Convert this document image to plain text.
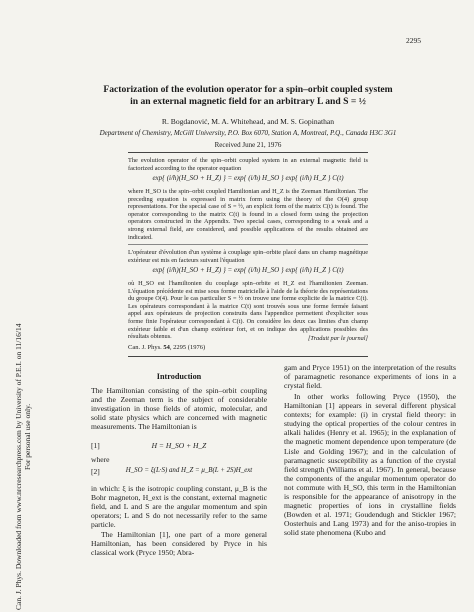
2295
Can. J. Phys. Downloaded from www.nrcresearchpress.com by University of P.E.I. on 11/16/14 For personal use only.
Factorization of the evolution operator for a spin–orbit coupled system
in an external magnetic field for an arbitrary L and S = ½
R. Bogdanović, M. A. Whitehead, and M. S. Gopinathan
Department of Chemistry, McGill University, P.O. Box 6070, Station A, Montreal, P.Q., Canada H3C 3G1
Received June 21, 1976
The evolution operator of the spin–orbit coupled system in an external magnetic field is factorized according to the operator equation
exp{ (i/ħ)(H_SO + H_Z) } = exp{ (i/ħ) H_SO } exp{ (i/ħ) H_Z } C(t)
where H_SO is the spin–orbit coupled Hamiltonian and H_Z is the Zeeman Hamiltonian. The preceding equation is expressed in matrix form using the theory of the O(4) group representations. For the special case of S = ½, an explicit form of the matrix C(t) is found. The operator corresponding to the matrix C(t) is found in a closed form using the projection operators constructed in the Appendix. Two special cases, corresponding to a weak and a strong external field, are considered, and possible applications of the results obtained are indicated.
L'opérateur d'évolution d'un système à couplage spin–orbite placé dans un champ magnétique extérieur est mis en facteurs suivant l'équation
exp{ (i/ħ)(H_SO + H_Z) } = exp{ (i/ħ) H_SO } exp{ (i/ħ) H_Z } C(t)
où H_SO est l'hamiltonien du couplage spin–orbite et H_Z est l'hamiltonien Zeeman. L'équation précédente est mise sous forme matricielle à l'aide de la théorie des représentations du groupe O(4). Pour le cas particulier S = ½ on trouve une forme explicite de la matrice C(t). Les opérateurs correspondant à la matrice C(t) sont trouvés sous une forme fermée faisant appel aux opérateurs de projection construits dans l'appendice permettent d'expliciter sous forme finie l'opérateur correspondant à C(t). On considère les deux cas limites d'un champ extérieur faible et d'un champ extérieur fort, et on indique des applications possibles des résultats obtenus.	[Traduit par le journal]
Can. J. Phys. 54, 2295 (1976)
Introduction
The Hamiltonian consisting of the spin–orbit coupling and the Zeeman term is the subject of considerable investigation in those fields of atomic, molecular, and solid state physics which are concerned with magnetic measurements. The Hamiltonian is
[1]	H = H_SO + H_Z
where
[2]	H_SO = ξ(L·S) and H_Z = μ_B(L + 2S)H_ext
in which: ξ is the isotropic coupling constant, μ_B is the Bohr magneton, H_ext is the constant, external magnetic field, and L and S are the angular momentum and spin operators; L and S do not necessarily refer to the same particle.
The Hamiltonian [1], one part of a more general Hamiltonian, has been considered by Pryce in his classical work (Pryce 1950; Abra-
gam and Pryce 1951) on the interpretation of the results of paramagnetic resonance experiments of ions in a crystal field.
In other works following Pryce (1950), the Hamiltonian [1] appears in several different physical contexts; for example: (i) in crystal field theory: in studying the optical properties of the colour centres in alkali halides (Henry et al. 1965); in the explanation of the magnetic moment dependence upon temperature (de Lisle and Golding 1967); and in the calculation of paramagnetic susceptibility as a function of the crystal field strength (Williams et al. 1967). In general, because the components of the angular momentum operator do not commute with H_SO, this term in the Hamiltonian is responsible for the appearance of anisotropy in the magnetic properties of ions in crystalline fields (Bowden et al. 1971; Goudendugh and Stickler 1967; Oosterhuis and Lang 1973) and for the aniso-tropies in solid state phenomena (Kubo and
